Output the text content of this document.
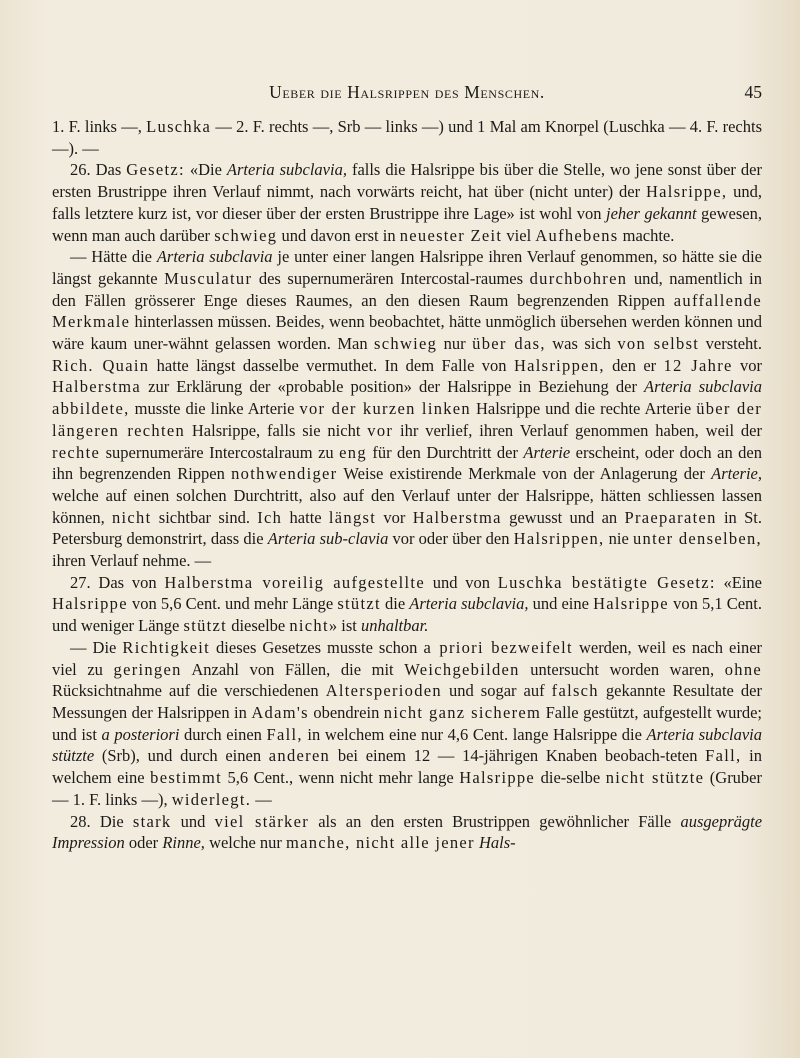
Ueber die Halsrippen des Menschen.	45

1. F. links —, Luschka — 2. F. rechts —, Srb — links —) und 1 Mal am Knorpel (Luschka — 4. F. rechts —). —

26. Das Gesetz: «Die Arteria subclavia, falls die Halsrippe bis über die Stelle, wo jene sonst über der ersten Brustrippe ihren Verlauf nimmt, nach vorwärts reicht, hat über (nicht unter) der Halsrippe, und, falls letztere kurz ist, vor dieser über der ersten Brustrippe ihre Lage» ist wohl von jeher gekannt gewesen, wenn man auch darüber schwieg und davon erst in neuester Zeit viel Aufhebens machte.

— Hätte die Arteria subclavia je unter einer langen Halsrippe ihren Verlauf genommen, so hätte sie die längst gekannte Musculatur des supernumerären Intercostal-raumes durchbohren und, namentlich in den Fällen grösserer Enge dieses Raumes, an den diesen Raum begrenzenden Rippen auffallende Merkmale hinterlassen müssen. Beides, wenn beobachtet, hätte unmöglich übersehen werden können und wäre kaum uner-wähnt gelassen worden. Man schwieg nur über das, was sich von selbst versteht. Rich. Quain hatte längst dasselbe vermuthet. In dem Falle von Halsrippen, den er 12 Jahre vor Halberstma zur Erklärung der «probable position» der Halsrippe in Beziehung der Arteria subclavia abbildete, musste die linke Arterie vor der kurzen linken Halsrippe und die rechte Arterie über der längeren rechten Halsrippe, falls sie nicht vor ihr verlief, ihren Verlauf genommen haben, weil der rechte supernumeräre Intercostalraum zu eng für den Durchtritt der Arterie erscheint, oder doch an den ihn begrenzenden Rippen nothwendiger Weise existirende Merkmale von der Anlagerung der Arterie, welche auf einen solchen Durchtritt, also auf den Verlauf unter der Halsrippe, hätten schliessen lassen können, nicht sichtbar sind. Ich hatte längst vor Halberstma gewusst und an Praeparaten in St. Petersburg demonstrirt, dass die Arteria sub-clavia vor oder über den Halsrippen, nie unter denselben, ihren Verlauf nehme. —

27. Das von Halberstma voreilig aufgestellte und von Luschka bestätigte Gesetz: «Eine Halsrippe von 5,6 Cent. und mehr Länge stützt die Arteria subclavia, und eine Halsrippe von 5,1 Cent. und weniger Länge stützt dieselbe nicht» ist unhaltbar.

— Die Richtigkeit dieses Gesetzes musste schon a priori bezweifelt werden, weil es nach einer viel zu geringen Anzahl von Fällen, die mit Weichgebilden untersucht worden waren, ohne Rücksichtnahme auf die verschiedenen Altersperioden und sogar auf falsch gekannte Resultate der Messungen der Halsrippen in Adam's obendrein nicht ganz sicherem Falle gestützt, aufgestellt wurde; und ist a posteriori durch einen Fall, in welchem eine nur 4,6 Cent. lange Halsrippe die Arteria subclavia stützte (Srb), und durch einen anderen bei einem 12 — 14-jährigen Knaben beobach-teten Fall, in welchem eine bestimmt 5,6 Cent., wenn nicht mehr lange Halsrippe die-selbe nicht stützte (Gruber — 1. F. links —), widerlegt. —

28. Die stark und viel stärker als an den ersten Brustrippen gewöhnlicher Fälle ausgeprägte Impression oder Rinne, welche nur manche, nicht alle jener Hals-
